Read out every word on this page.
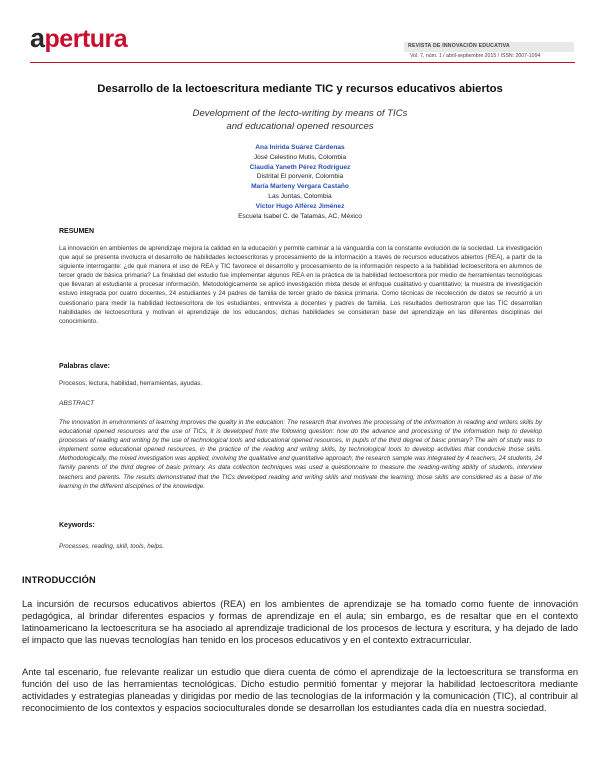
apertura	REVISTA DE INNOVACIÓN EDUCATIVA
Vol. 7, núm. 1 / abril-septiembre 2015 / ISSN: 2007-1094
Desarrollo de la lectoescritura mediante TIC y recursos educativos abiertos
Development of the lecto-writing by means of TICs
and educational opened resources
Ana Inirida Suárez Cárdenas
José Celestino Mutis, Colombia
Claudia Yaneth Pérez Rodríguez
Distrital El porvenir, Colombia
María Marleny Vergara Castaño
Las Juntas, Colombia
Víctor Hugo Alférez Jiménez
Escuela Isabel C. de Talamás, AC, México
RESUMEN
La innovación en ambientes de aprendizaje mejora la calidad en la educación y permite caminar a la vanguardia con la constante evolución de la sociedad. La investigación que aquí se presenta involucra el desarrollo de habilidades lectoescritoras y procesamiento de la información a través de recursos educativos abiertos (REA), a partir de la siguiente interrogante: ¿de qué manera el uso de REA y TIC favorece el desarrollo y procesamiento de la información respecto a la habilidad lectoescritora en alumnos de tercer grado de básica primaria? La finalidad del estudio fue implementar algunos REA en la práctica de la habilidad lectoescritora por medio de herramientas tecnológicas que llevaran al estudiante a procesar información. Metodológicamente se aplicó investigación mixta desde el enfoque cualitativo y cuantitativo; la muestra de investigación estuvo integrada por cuatro docentes, 24 estudiantes y 24 padres de familia de tercer grado de básica primaria. Como técnicas de recolección de datos se recurrió a un cuestionario para medir la habilidad lectoescritora de los estudiantes, entrevista a docentes y padres de familia. Los resultados demostraron que las TIC desarrollan habilidades de lectoescritura y motivan el aprendizaje de los educandos; dichas habilidades se consideran base del aprendizaje en las diferentes disciplinas del conocimiento.
Palabras clave:
Procesos, lectura, habilidad, herramientas, ayudas.
ABSTRACT
The innovation in environments of learning improves the quality in the education: The research that involves the processing of the information in reading and writers skills by educational opened resources and the use of TICs, it is developed from the following question: how do the advance and processing of the information help to develop processes of reading and writing by the use of technological tools and educational opened resources, in pupils of the third degree of basic primary? The aim of study was to implement some educational opened resources, in the practice of the reading and writing skills, by technological tools to develop activities that conducive those skills. Methodologically, the mixed investigation was applied, involving the qualitative and quantitative approach; the research sample was integrated by 4 teachers, 24 students, 24 family parents of the third degree of basic primary. As data collection techniques was used a questionnaire to measure the reading-writing ability of students, interview teachers and parents. The results demonstrated that the TICs developed reading and writing skills and motivate the learning; those skills are considered as a base of the learning in the different disciplines of the knowledge.
Keywords:
Processes, reading, skill, tools, helps.
INTRODUCCIÓN
La incursión de recursos educativos abiertos (REA) en los ambientes de aprendizaje se ha tomado como fuente de innovación pedagógica, al brindar diferentes espacios y formas de aprendizaje en el aula; sin embargo, es de resaltar que en el contexto latinoamericano la lectoescritura se ha asociado al aprendizaje tradicional de los procesos de lectura y escritura, y ha dejado de lado el impacto que las nuevas tecnologías han tenido en los procesos educativos y en el contexto extracurricular.
Ante tal escenario, fue relevante realizar un estudio que diera cuenta de cómo el aprendizaje de la lectoescritura se transforma en función del uso de las herramientas tecnológicas. Dicho estudio permitió fomentar y mejorar la habilidad lectoescritora mediante actividades y estrategias planeadas y dirigidas por medio de las tecnologías de la información y la comunicación (TIC), al contribuir al reconocimiento de los contextos y espacios socioculturales donde se desarrollan los estudiantes cada día en nuestra sociedad.
